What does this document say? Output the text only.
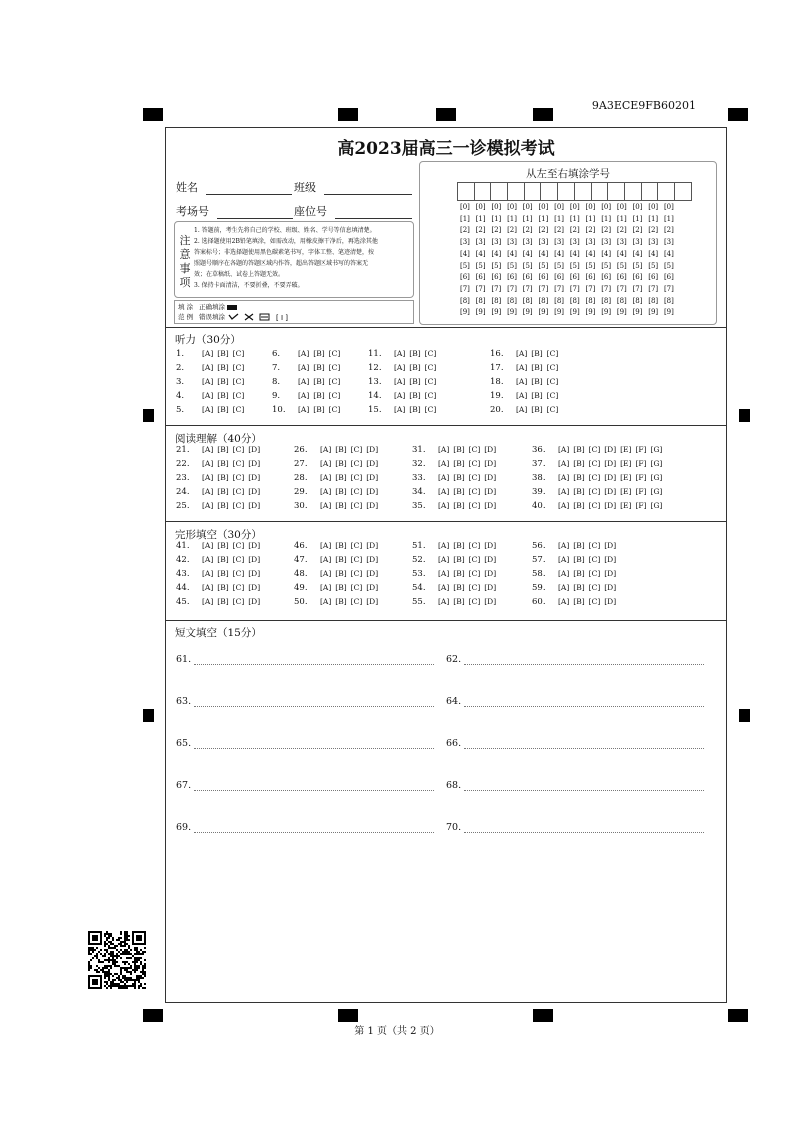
9A3ECE9FB60201
高2023届高三一诊模拟考试
姓名	班级
考场号	座位号
注
意
事
项
1. 答题前，考生先将自己的学校、班级、姓名、学号等信息填清楚。
2. 选择题使用2B铅笔填涂，如需改动，用橡皮擦干净后，再选涂其他
答案标号；非选择题使用黑色碳素笔书写，字体工整、笔迹清楚，按
照题号顺序在各题的答题区域内作答，超出答题区域书写的答案无
效；在草稿纸、试卷上答题无效。
3. 保持卡面清洁，不要折叠，不要弄破。
填 涂
范 例
正确填涂
错误填涂	[ I ]
从左至右填涂学号
[0] [0] [0] [0] [0] [0] [0] [0] [0] [0] [0] [0] [0] [0]
[1] [1] [1] [1] [1] [1] [1] [1] [1] [1] [1] [1] [1] [1]
[2] [2] [2] [2] [2] [2] [2] [2] [2] [2] [2] [2] [2] [2]
[3] [3] [3] [3] [3] [3] [3] [3] [3] [3] [3] [3] [3] [3]
[4] [4] [4] [4] [4] [4] [4] [4] [4] [4] [4] [4] [4] [4]
[5] [5] [5] [5] [5] [5] [5] [5] [5] [5] [5] [5] [5] [5]
[6] [6] [6] [6] [6] [6] [6] [6] [6] [6] [6] [6] [6] [6]
[7] [7] [7] [7] [7] [7] [7] [7] [7] [7] [7] [7] [7] [7]
[8] [8] [8] [8] [8] [8] [8] [8] [8] [8] [8] [8] [8] [8]
[9] [9] [9] [9] [9] [9] [9] [9] [9] [9] [9] [9] [9] [9]
听力（30分）
1. [A] [B] [C]
2. [A] [B] [C]
3. [A] [B] [C]
4. [A] [B] [C]
5. [A] [B] [C]
6. [A] [B] [C]
7. [A] [B] [C]
8. [A] [B] [C]
9. [A] [B] [C]
10. [A] [B] [C]
11. [A] [B] [C]
12. [A] [B] [C]
13. [A] [B] [C]
14. [A] [B] [C]
15. [A] [B] [C]
16. [A] [B] [C]
17. [A] [B] [C]
18. [A] [B] [C]
19. [A] [B] [C]
20. [A] [B] [C]
阅读理解（40分）
21. [A] [B] [C] [D]
22. [A] [B] [C] [D]
23. [A] [B] [C] [D]
24. [A] [B] [C] [D]
25. [A] [B] [C] [D]
26. [A] [B] [C] [D]
27. [A] [B] [C] [D]
28. [A] [B] [C] [D]
29. [A] [B] [C] [D]
30. [A] [B] [C] [D]
31. [A] [B] [C] [D]
32. [A] [B] [C] [D]
33. [A] [B] [C] [D]
34. [A] [B] [C] [D]
35. [A] [B] [C] [D]
36. [A] [B] [C] [D] [E] [F] [G]
37. [A] [B] [C] [D] [E] [F] [G]
38. [A] [B] [C] [D] [E] [F] [G]
39. [A] [B] [C] [D] [E] [F] [G]
40. [A] [B] [C] [D] [E] [F] [G]
完形填空（30分）
41. [A] [B] [C] [D]
42. [A] [B] [C] [D]
43. [A] [B] [C] [D]
44. [A] [B] [C] [D]
45. [A] [B] [C] [D]
46. [A] [B] [C] [D]
47. [A] [B] [C] [D]
48. [A] [B] [C] [D]
49. [A] [B] [C] [D]
50. [A] [B] [C] [D]
51. [A] [B] [C] [D]
52. [A] [B] [C] [D]
53. [A] [B] [C] [D]
54. [A] [B] [C] [D]
55. [A] [B] [C] [D]
56. [A] [B] [C] [D]
57. [A] [B] [C] [D]
58. [A] [B] [C] [D]
59. [A] [B] [C] [D]
60. [A] [B] [C] [D]
短文填空（15分）
61.	62.
63.	64.
65.	66.
67.	68.
69.	70.
第 1 页（共 2 页）
